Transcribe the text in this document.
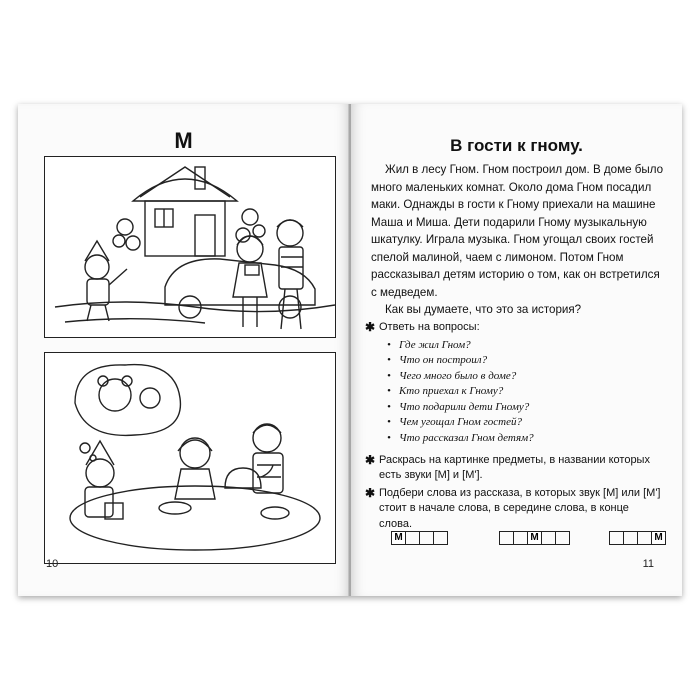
М
10
В гости к гному.

Жил в лесу Гном. Гном построил дом. В доме было много маленьких комнат. Около дома Гном посадил маки. Однажды в гости к Гному приехали на машине Маша и Миша. Дети подарили Гному музыкальную шкатулку. Играла музыка. Гном угощал своих гостей спелой малиной, чаем с лимоном. Потом Гном рассказывал детям историю о том, как он встретился с медведем.

Как вы думаете, что это за история?

✱ Ответь на вопросы:
• Где жил Гном?
• Что он построил?
• Чего много было в доме?
• Кто приехал к Гному?
• Что подарили дети Гному?
• Чем угощал Гном гостей?
• Что рассказал Гном детям?
✱ Раскрась на картинке предметы, в названии которых есть звуки [М] и [М'].
✱ Подбери слова из рассказа, в которых звук [М] или [М'] стоит в начале слова, в середине слова, в конце слова.
М	М	М
11
